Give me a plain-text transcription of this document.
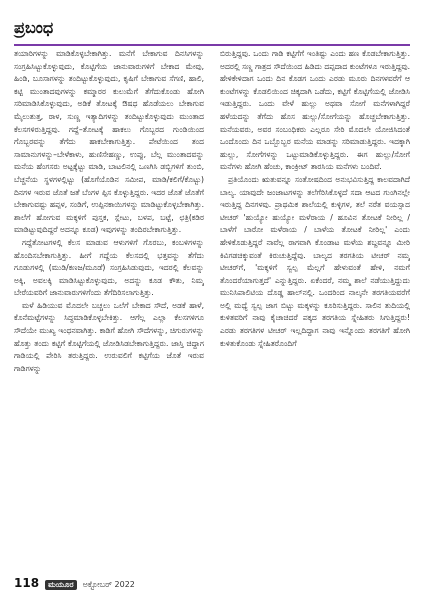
ಪ್ರಬಂಧ

ತಯಾರಿಗಳನ್ನು ಮಾಡಿಕೊಳ್ಳಬೇಕಾಗಿತ್ತು. ಮನೆಗೆ ಬೇಕಾಗುವ ದಿನಸಿಗಳನ್ನು ಸಂಗ್ರಹಿಸಿಟ್ಟುಕೊಳ್ಳುವುದು, ಕೊಟ್ಟಿಗೆಯ ಜಾನುವಾರುಗಳಿಗೆ ಬೇಕಾದ ಮೇವು, ಹಿಂಡಿ, ಬೂಸಾಗಳನ್ನು ತಂದಿಟ್ಟುಕೊಳ್ಳುವುದು, ಕೃಷಿಗೆ ಬೇಕಾಗುವ ಸೆಗಣಿ, ಹಾಲಿ, ಕಟ್ಟಿ ಮುಂತಾದವುಗಳನ್ನು ಕಮ್ಮಾರರ ಕುಲುಮೆಗೆ ತೆಗೆದುಕೊಂಡು ಹೋಗಿ ಸರಿಮಾಡಿಸಿಕೊಳ್ಳುವುದು, ಅಡಿಕೆ ತೋಟಕ್ಕೆ ಔಷಧ ಹೊಡೆಯಲು ಬೇಕಾಗುವ ಮೈಲುತುತ್ತ, ರಾಳ, ಸುಣ್ಣ ಇತ್ಯಾದಿಗಳನ್ನು ತಂದಿಟ್ಟುಕೊಳ್ಳುವುದು ಮುಂತಾದ ಕೆಲಸಗಳಿರುತ್ತಿದ್ದವು. ಗದ್ದೆ–ತೋಟಕ್ಕೆ ಹಾಕಲು ಗೊಬ್ಬರದ ಗುಂಡಿಯಿಂದ ಗೊಬ್ಬರವನ್ನು ತೆಗೆದು ಹಾಕಬೇಕಾಗುತ್ತಿತ್ತು. ಪೇಟೆಯಿಂದ ತಂದ ಸಾಮಾನುಗಳನ್ನು–ಬೇಳೆಕಾಳು, ಹುಣಿಸೇಹಣ್ಣು, ಉಪ್ಪು, ಬೆಲ್ಲ ಮುಂತಾದವನ್ನು ಮನೆಯ ಹೆಂಗಸರು ಅಟ್ಟಕ್ಕೆಟ್ಟು ಮಾಡಿ, ಬಾಟಲಿನಲ್ಲಿ ಒಣಗಿಸಿ ಡಬ್ಬಿಗಳಿಗೆ ತುಂಬಿ, ಬೆಚ್ಚನೆಯ ಸ್ಥಳಗಳಲ್ಲಿಟ್ಟು (ಹೊಗೆಯೊಡಿನ ಸಮೀಪ, ಮಾಡಿ/ಕಲಿಗೆ/ಕೊಟ್ಟು) ದಿನಗಳ ಇರುವ ಜೊತೆ ಜತೆ ಬೆಂಗಳ ಪ್ಪಿಸ ಕೊಳ್ಳುತ್ತಿದ್ದರು. ಇದರ ಜೊತೆ ಜೊತೆಗೆ ಬೇಕಾಗುವಷ್ಟು ಹಪ್ಪಳ, ಸಂಡಿಗೆ, ಉಪ್ಪಿನಕಾಯಿಗಳನ್ನು ಮಾಡಿಟ್ಟುಕೊಳ್ಳಬೇಕಾಗಿತ್ತು. ಶಾಲೆಗೆ ಹೋಗುವ ಮಕ್ಕಳಿಗೆ ಪುಸ್ತಕ, ಸ್ಲೇಟು, ಬಳಪ, ಬಟ್ಟೆ, ಛತ್ರಿ(ಕಡಿರ ಮಾಡಿಟ್ಟುವುದಿದ್ದರೆ ಅದನ್ನೂ ಕೂಡ) ಇವುಗಳನ್ನು ತಂದಿರಬೇಕಾಗುತ್ತಿತ್ತು.

ಗದ್ದೆತೋಟಗಳಲ್ಲಿ ಕೆಲಸ ಮಾಡುವ ಆಳುಗಳಿಗೆ ಗೊರಬು, ಕಂಬಳಿಗಳನ್ನು ಹೊಂದಿಸಬೇಕಾಗುತ್ತಿತ್ತು. ಹೀಗೆ ಗದ್ದೆಯ ಕೆಲಸದಲ್ಲಿ ಭತ್ತವನ್ನು ತೆಗೆದು ಗೂಡುಗಳಲ್ಲಿ (ಮುಡಿ/ಕಣಜ/ಮೂಡೆ) ಸಂಗ್ರಹಿಸಿಡುವುದು, ಇದರಲ್ಲಿ ಕೆಲವನ್ನು ಅಕ್ಕಿ, ಅವಲಕ್ಕಿ ಮಾಡಿಸಿಟ್ಟುಕೊಳ್ಳುವುದು, ಅದನ್ನು ಕೂಡ ಕೌತು, ನಿಮ್ಮ ಬೇರೆಯವರಿಗೆ ಜಾನುವಾರುಗಳಿಗೆಂದು ತೆಗೆದಿರಿಸಲಾಗುತ್ತಿತ್ತು.

ಮಳೆ ಹಿಡಿಯುವ ಮೊದಲೇ ಬಚ್ಚಲು ಒಲೆಗೆ ಬೇಕಾದ ಸೌದೆ, ಅಡಕೆ ಹಾಳೆ, ಕೊನೆಮಟ್ಟೆಗಳನ್ನು ಸಿದ್ಧಮಾಡಿಕೊಳ್ಳಬೇಕಿತ್ತು. ಆಗೆಲ್ಲ ಎಲ್ಲಾ ಕೆಲಸಗಳಿಗೂ ಸೌದೆಯೇ ಮುಖ್ಯ ಇಂಧನವಾಗಿತ್ತು. ಕಾಡಿಗೆ ಹೋಗಿ ಸೌದೆಗಳನ್ನು, ಚಿಗುರುಗಳನ್ನು ಹೊತ್ತು ತಂದು ಕಟ್ಟಿಗೆ ಕೊಟ್ಟಿಗೆಯಲ್ಲಿ ಜೋಡಿಸಿಡಬೇಕಾಗುತ್ತಿದ್ದರು. ಜಾಸ್ತಿ ಚಿದ್ದಾಗ ಗಾಡಿಯಲ್ಲಿ ಪೇರಿಸಿ ತರುತ್ತಿದ್ದರು. ಉರುವಲಿಗೆ ಕಟ್ಟಿಗೆಯ ಜೊತೆ ಇರುವ ಗಾಡಿಗಳನ್ನು

ಬಿರುತ್ತಿದ್ದವು. ಒಂದು ಗಾಡಿ ಕಟ್ಟಿಗೆಗೆ ಇಂತಿಷ್ಟು ಎಂದು ಹಣ ಕೊಡಬೇಕಾಗುತ್ತಿತ್ತು. ಅದರಲ್ಲಿ ಸಣ್ಣ ಗಾತ್ರದ ಸೌದೆಯಿಂದ ಹಿಡಿದು ದಪ್ಪದಾದ ಕುಂಟೆಗಳೂ ಇರುತ್ತಿದ್ದವು. ಹೇಳಿಕೇಳಿದಾಗ ಒಂದು ದಿನ ಕೊಡಗ ಒಂದು ಎರಡು ಮೂರು ದಿನಗಳವರೆಗೆ ಆ ಕುಂಟೆಗಳನ್ನು ಕೊಡಲಿಯಿಂದ ಚಿಕ್ಕದಾಗಿ ಒಡೆದು, ಕಟ್ಟಿಗೆ ಕೊಟ್ಟಿಗೆಯಲ್ಲಿ ಜೋಡಿಸಿ ಇಡುತ್ತಿದ್ದರು. ಒಂದು ವೇಳೆ ಹುಲ್ಲು ಅಥವಾ ಸೋಗೆ ಮನೆಗಳಾಗಿದ್ದರೆ ಹಳೆಯದನ್ನು ತೆಗೆದು ಹೊಸ ಹುಲ್ಲು/ಸೋಗೆಯನ್ನು ಹೊಚ್ಚಬೇಕಾಗುತ್ತಿತ್ತು. ಮನೆಯವರು, ಅವರ ಸಂಬಂಧಿಕರು ಎಲ್ಲರೂ ಸೇರಿ ಮೊದಲೇ ಯೋಜಿಸಿದಂತೆ ಒಂದೊಂದು ದಿನ ಒಬ್ಬೊಬ್ಬರ ಮನೆಯ ಮಾಡನ್ನು ಸರಿಮಾಡುತ್ತಿದ್ದರು. ಇದಕ್ಕಾಗಿ ಹುಲ್ಲು, ಸೋಗೆಗಳನ್ನು ಒಟ್ಟುಮಾಡಿಕೊಳ್ಳುತ್ತಿದ್ದರು. ಈಗ ಹುಲ್ಲು/ಸೋಗೆ ಮನೆಗಳು ಹೋಗಿ ಹೆಂಚು, ಕಾಂಕ್ರೀಟ್ ತಾರಸಿಯ ಮನೆಗಳು ಬಂದಿವೆ.

ಪ್ರತಿಯೊಂದು ಋತುವನ್ನೂ ಸಂತೋಷದಿಂದ ಅನುಭವಿಸುತ್ತಿದ್ದ ಕಾಲವದಾಗಿದೆ ಬಾಲ್ಯ. ಯಾವುದೇ ಜಂಜಾಟಗಳನ್ನು ತಲೆಗೆರಿಸಿಕೊಳ್ಳದೆ ಸದಾ ಆಟದ ಗುಂಗಿನಲ್ಲೇ ಇರುತ್ತಿದ್ದ ದಿನಗಳವು. ಪ್ರಾಥಮಿಕ ಶಾಲೆಯಲ್ಲಿ ಕುಳ್ಳಿಗಳ, ತಲೆ ನರೆತ ವಯಸ್ಸಾದ ಟೀಚರ್ 'ಹುಯ್ಯೋ ಹುಯ್ಯೋ ಮಳೆರಾಯ / ಹೂವಿನ ತೋಟಕೆ ನೀರಿಲ್ಲ / ಬಾಳೆಗೆ ಬಾರೋ ಮಳೆರಾಯ / ಬಾಳೆಯ ತೋಟಕೆ ನೀರಿಲ್ಲ' ಎಂದು ಹೇಳಿಕೊಡುತ್ತಿದ್ದರೆ ನಾವೆಲ್ಲ ರಾಗವಾಗಿ ಕೊಂಡಾಟ ಮಳೆಯ ಶಬ್ದವನ್ನೂ ಮೀರಿ ಕಿವಿಗಡಚಿಕ್ಕುವಂತೆ ಕಿರುಚುತ್ತಿದ್ದೆವು. ಬಾಲ್ಯದ ತರಗತಿಯ ಟೀಚರ್ ನಮ್ಮ ಟೀಚರ್‌ಗೆ, 'ಮಕ್ಕಳಿಗೆ ಸ್ವಲ್ಪ ಮೆಲ್ಲಗೆ ಹೇಳುವಂತೆ ಹೇಳಿ, ನಮಗೆ ತೊಂದರೆಯಾಗುತ್ತದೆ' ಎನ್ನುತ್ತಿದ್ದರು. ಏಕೆಂದರೆ, ನಮ್ಮ ಶಾಲೆ ನಡೆಯುತ್ತಿದ್ದುದು ಮುನಿಸಿಪಾಲಿಟಿಯ ದೊಡ್ಡ ಹಾಲ್‌ನಲ್ಲಿ. ಒಂದರಿಂದ ನಾಲ್ಕನೇ ತರಗತಿಯವರೆಗೆ ಅಲ್ಲಿ ಮಧ್ಯೆ ಸ್ವಲ್ಪ ಜಾಗ ಬಿಟ್ಟು ಮಕ್ಕಳನ್ನು ಕೂರಿಸುತ್ತಿದ್ದರು. ಸಾಲಿನ ತುದಿಯಲ್ಲಿ ಕುಳಿತವರಿಗೆ ನಾವು ಕೈಚಾಚಿದರೆ ಪಕ್ಕದ ತರಗತಿಯ ಸ್ನೇಹಿತರು ಸಿಗುತ್ತಿದ್ದರು! ಎರಡು ತರಗತಿಗಳ ಟೀಚರ್ ಇಲ್ಲದಿದ್ದಾಗ ನಾವು ಇನ್ನೊಂದು ತರಗತಿಗೆ ಹೋಗಿ ಕುಳಿತುಕೊಂಡು ಸ್ನೇಹಿತರೊಂದಿಗೆ

118	ಮಯೂರ	ಅಕ್ಟೋಬರ್ 2022
